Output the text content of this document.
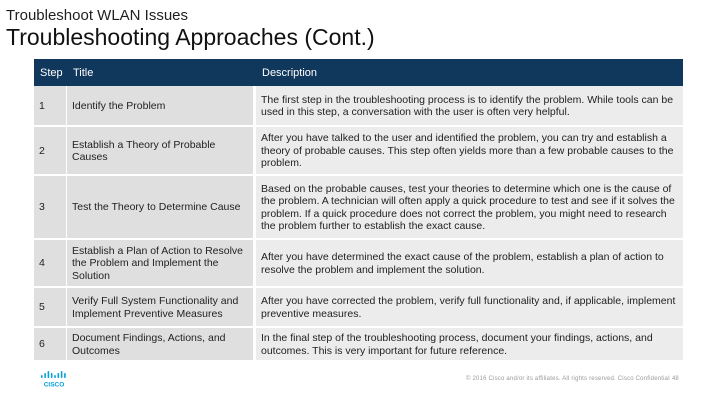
Troubleshoot WLAN Issues
Troubleshooting Approaches (Cont.)
Step	Title	Description
1	Identify the Problem	The first step in the troubleshooting process is to identify the problem. While tools can be used in this step, a conversation with the user is often very helpful.
2	Establish a Theory of Probable Causes	After you have talked to the user and identified the problem, you can try and establish a theory of probable causes. This step often yields more than a few probable causes to the problem.
3	Test the Theory to Determine Cause	Based on the probable causes, test your theories to determine which one is the cause of the problem. A technician will often apply a quick procedure to test and see if it solves the problem. If a quick procedure does not correct the problem, you might need to research the problem further to establish the exact cause.
4	Establish a Plan of Action to Resolve the Problem and Implement the Solution	After you have determined the exact cause of the problem, establish a plan of action to resolve the problem and implement the solution.
5	Verify Full System Functionality and Implement Preventive Measures	After you have corrected the problem, verify full functionality and, if applicable, implement preventive measures.
6	Document Findings, Actions, and Outcomes	In the final step of the troubleshooting process, document your findings, actions, and outcomes. This is very important for future reference.
CISCO
© 2016 Cisco and/or its affiliates. All rights reserved. Cisco Confidential 48
